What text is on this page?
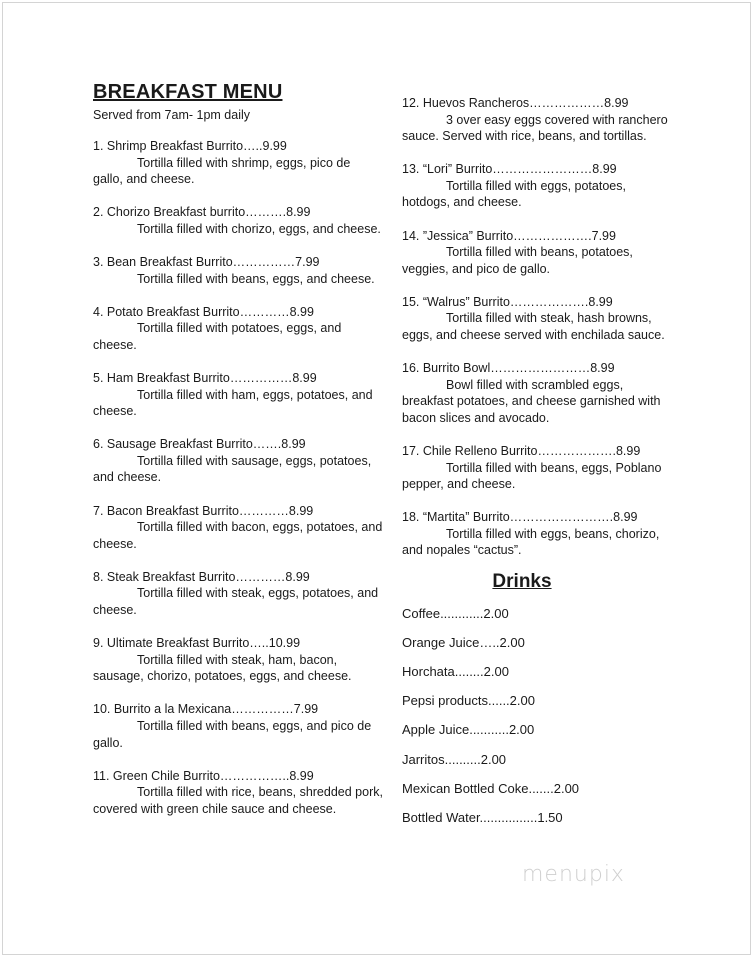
BREAKFAST MENU
Served from 7am- 1pm daily
1. Shrimp Breakfast Burrito…..9.99
Tortilla filled with shrimp, eggs, pico de gallo, and cheese.
2. Chorizo Breakfast burrito……….8.99
Tortilla filled with chorizo, eggs, and cheese.
3. Bean Breakfast Burrito……………7.99
Tortilla filled with beans, eggs, and cheese.
4. Potato Breakfast Burrito…………8.99
Tortilla filled with potatoes, eggs, and cheese.
5. Ham Breakfast Burrito……………8.99
Tortilla filled with ham, eggs, potatoes, and cheese.
6. Sausage Breakfast Burrito…….8.99
Tortilla filled with sausage, eggs, potatoes, and cheese.
7. Bacon Breakfast Burrito…………8.99
Tortilla filled with bacon, eggs, potatoes, and cheese.
8. Steak Breakfast Burrito…………8.99
Tortilla filled with steak, eggs, potatoes, and cheese.
9. Ultimate Breakfast Burrito…..10.99
Tortilla filled with steak, ham, bacon, sausage, chorizo, potatoes, eggs, and cheese.
10. Burrito a la Mexicana……………7.99
Tortilla filled with beans, eggs, and pico de gallo.
11. Green Chile Burrito……………..8.99
Tortilla filled with rice, beans, shredded pork, covered with green chile sauce and cheese.
12. Huevos Rancheros………………8.99
3 over easy eggs covered with ranchero sauce. Served with rice, beans, and tortillas.
13. “Lori” Burrito……………………8.99
Tortilla filled with eggs, potatoes, hotdogs, and cheese.
14. ”Jessica” Burrito……………….7.99
Tortilla filled with beans, potatoes, veggies, and pico de gallo.
15. “Walrus” Burrito……………….8.99
Tortilla filled with steak, hash browns, eggs, and cheese served with enchilada sauce.
16. Burrito Bowl……………………8.99
Bowl filled with scrambled eggs, breakfast potatoes, and cheese garnished with bacon slices and avocado.
17. Chile Relleno Burrito……………….8.99
Tortilla filled with beans, eggs, Poblano pepper, and cheese.
18. “Martita” Burrito…………………….8.99
Tortilla filled with eggs, beans, chorizo, and nopales “cactus”.
Drinks
Coffee............2.00
Orange Juice…..2.00
Horchata........2.00
Pepsi products......2.00
Apple Juice...........2.00
Jarritos..........2.00
Mexican Bottled Coke.......2.00
Bottled Water................1.50
menupix
